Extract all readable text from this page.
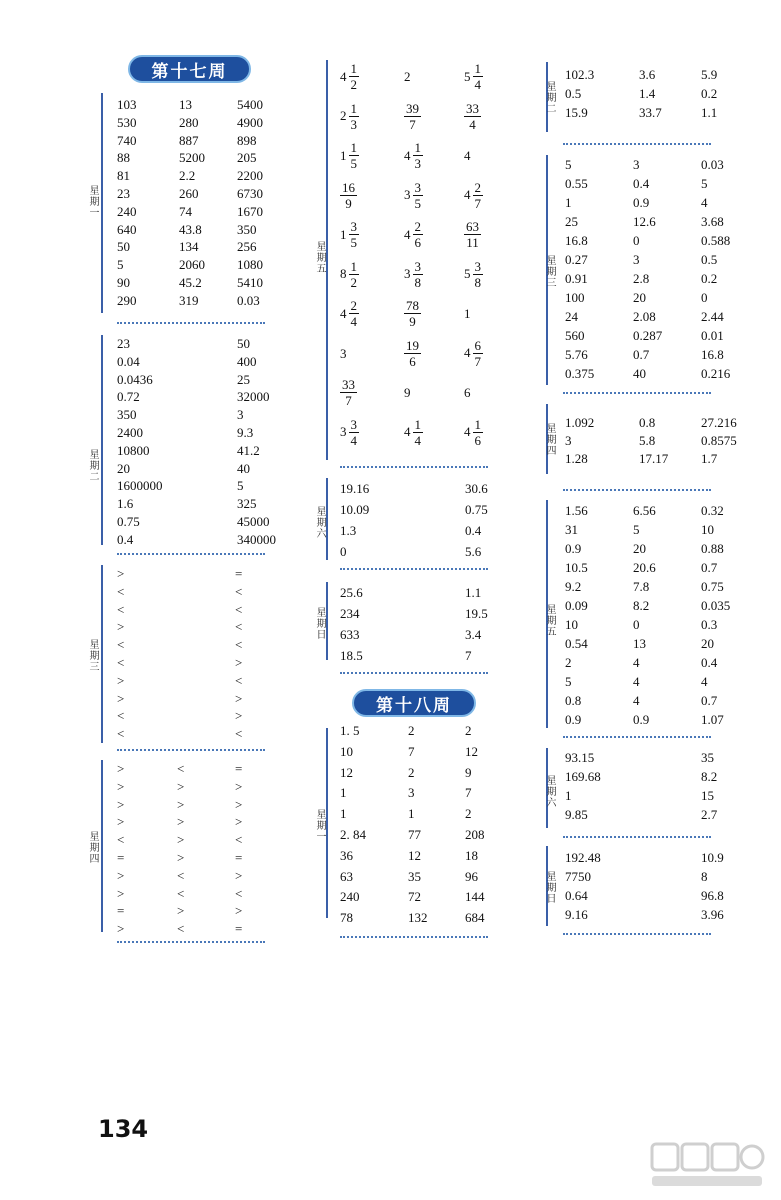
第十七周
星期一
103	13	5400
530	280	4900
740	887	898
88	5200 205
81	2.2	2200
23	260	6730
240	74	1670
640	43.8	350
50	134	256
5	2060 1080
90	45.2	5410
290	319	0.03
星期二
23	50
0.04	400
0.0436	25
0.72	32000
350	3
2400	9.3
10800	41.2
20	40
1600000	5
1.6	325
0.75	45000
0.4	340000
星期三
>	=
<	<
<	<
>	<
<	<
<	>
>	<
>	>
<	>
<	<
星期四
>	<	=
>	>	>
>	>	>
>	>	>
<	>	<
=	>	=
>	<	>
>	<	<
=	>	>
>	<	=
星期五
$4 \frac{1}{2}$	2	$5 \frac{1}{4}$
$2 \frac{1}{3}$	$\frac{39}{7}$	$\frac{33}{4}$
$1 \frac{1}{5}$	$4 \frac{1}{3}$	4
$\frac{16}{9}$	$3 \frac{3}{5}$	$4 \frac{2}{7}$
$1 \frac{3}{5}$	$4 \frac{2}{6}$	$\frac{63}{11}$
$8 \frac{1}{2}$	$3 \frac{3}{8}$	$5 \frac{3}{8}$
$4 \frac{2}{4}$	$\frac{78}{9}$	1
3	$\frac{19}{6}$	$4 \frac{6}{7}$
$\frac{33}{7}$	9	6
$3 \frac{3}{4}$	$4 \frac{1}{4}$	$4 \frac{1}{6}$
星期六
19.16	30.6
10.09	0.75
1.3	0.4
0	5.6
星期日
25.6	1.1
234	19.5
633	3.4
18.5	7
第十八周
星期一
1. 5	2	2
10	7	12
12	2	9
1	3	7
1	1	2
2. 84	77	208
36	12	18
63	35	96
240	72	144
78	132	684
星期二
102.3	3.6	5.9
0.5	1.4	0.2
15.9	33.7	1.1
星期三
5	3	0.03
0.55	0.4	5
1	0.9	4
25	12.6	3.68
16.8	0	0.588
0.27	3	0.5
0.91	2.8	0.2
100	20	0
24	2.08	2.44
560	0.287	0.01
5.76	0.7	16.8
0.375	40	0.216
星期四 1.092	0.8	27.216
3	5.8	0.8575
1.28	17.17	1.7
星期五
1.56	6.56	0.32
31	5	10
0.9	20	0.88
10.5	20.6	0.7
9.2	7.8	0.75
0.09	8.2	0.035
10	0	0.3
0.54	13	20
2	4	0.4
5	4	4
0.8	4	0.7
0.9	0.9	1.07
星期六
93.15	35
169.68	8.2
1	15
9.85	2.7
星期日
192.48	10.9
7750	8
0.64	96.8
9.16	3.96
134
